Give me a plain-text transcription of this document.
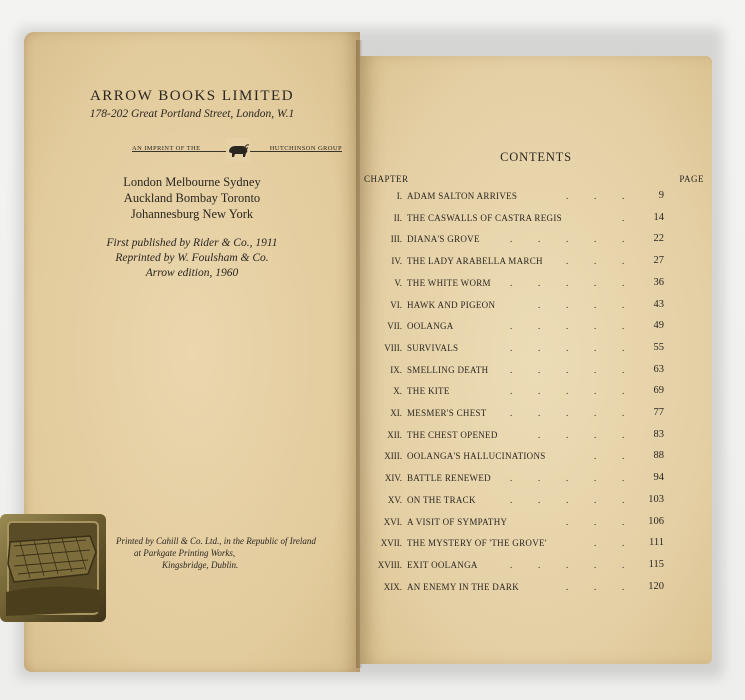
ARROW BOOKS LIMITED
178-202 Great Portland Street, London, W.1
AN IMPRINT OF THE	HUTCHINSON GROUP
London Melbourne Sydney
Auckland Bombay Toronto
Johannesburg New York
First published by Rider & Co., 1911
Reprinted by W. Foulsham & Co.
Arrow edition, 1960
Printed by Cahill & Co. Ltd., in the Republic of Ireland
at Parkgate Printing Works,
Kingsbridge, Dublin.
CONTENTS
CHAPTER	PAGE
I. ADAM SALTON ARRIVES	.	.	.	9
II. THE CASWALLS OF CASTRA REGIS	.	14
III. DIANA'S GROVE	.	.	.	.	.	22
IV. THE LADY ARABELLA MARCH	.	.	.	27
V. THE WHITE WORM .	.	.	.	.	36
VI. HAWK AND PIGEON	.	.	.	.	43
VII. OOLANGA	.	.	.	.	.	49
VIII. SURVIVALS	.	.	.	.	.	55
IX. SMELLING DEATH .	.	.	.	.	63
X. THE KITE	.	.	.	.	.	69
XI. MESMER'S CHEST	.	.	.	.	.	77
XII. THE CHEST OPENED	.	.	.	.	83
XIII. OOLANGA'S HALLUCINATIONS	.	.	88
XIV. BATTLE RENEWED .	.	.	.	.	94
XV. ON THE TRACK	.	.	.	.	.	103
XVI. A VISIT OF SYMPATHY	.	.	.	106
XVII. THE MYSTERY OF 'THE GROVE'	.	.	111
XVIII. EXIT OOLANGA	.	.	.	.	.	115
XIX. AN ENEMY IN THE DARK	.	.	.	120
